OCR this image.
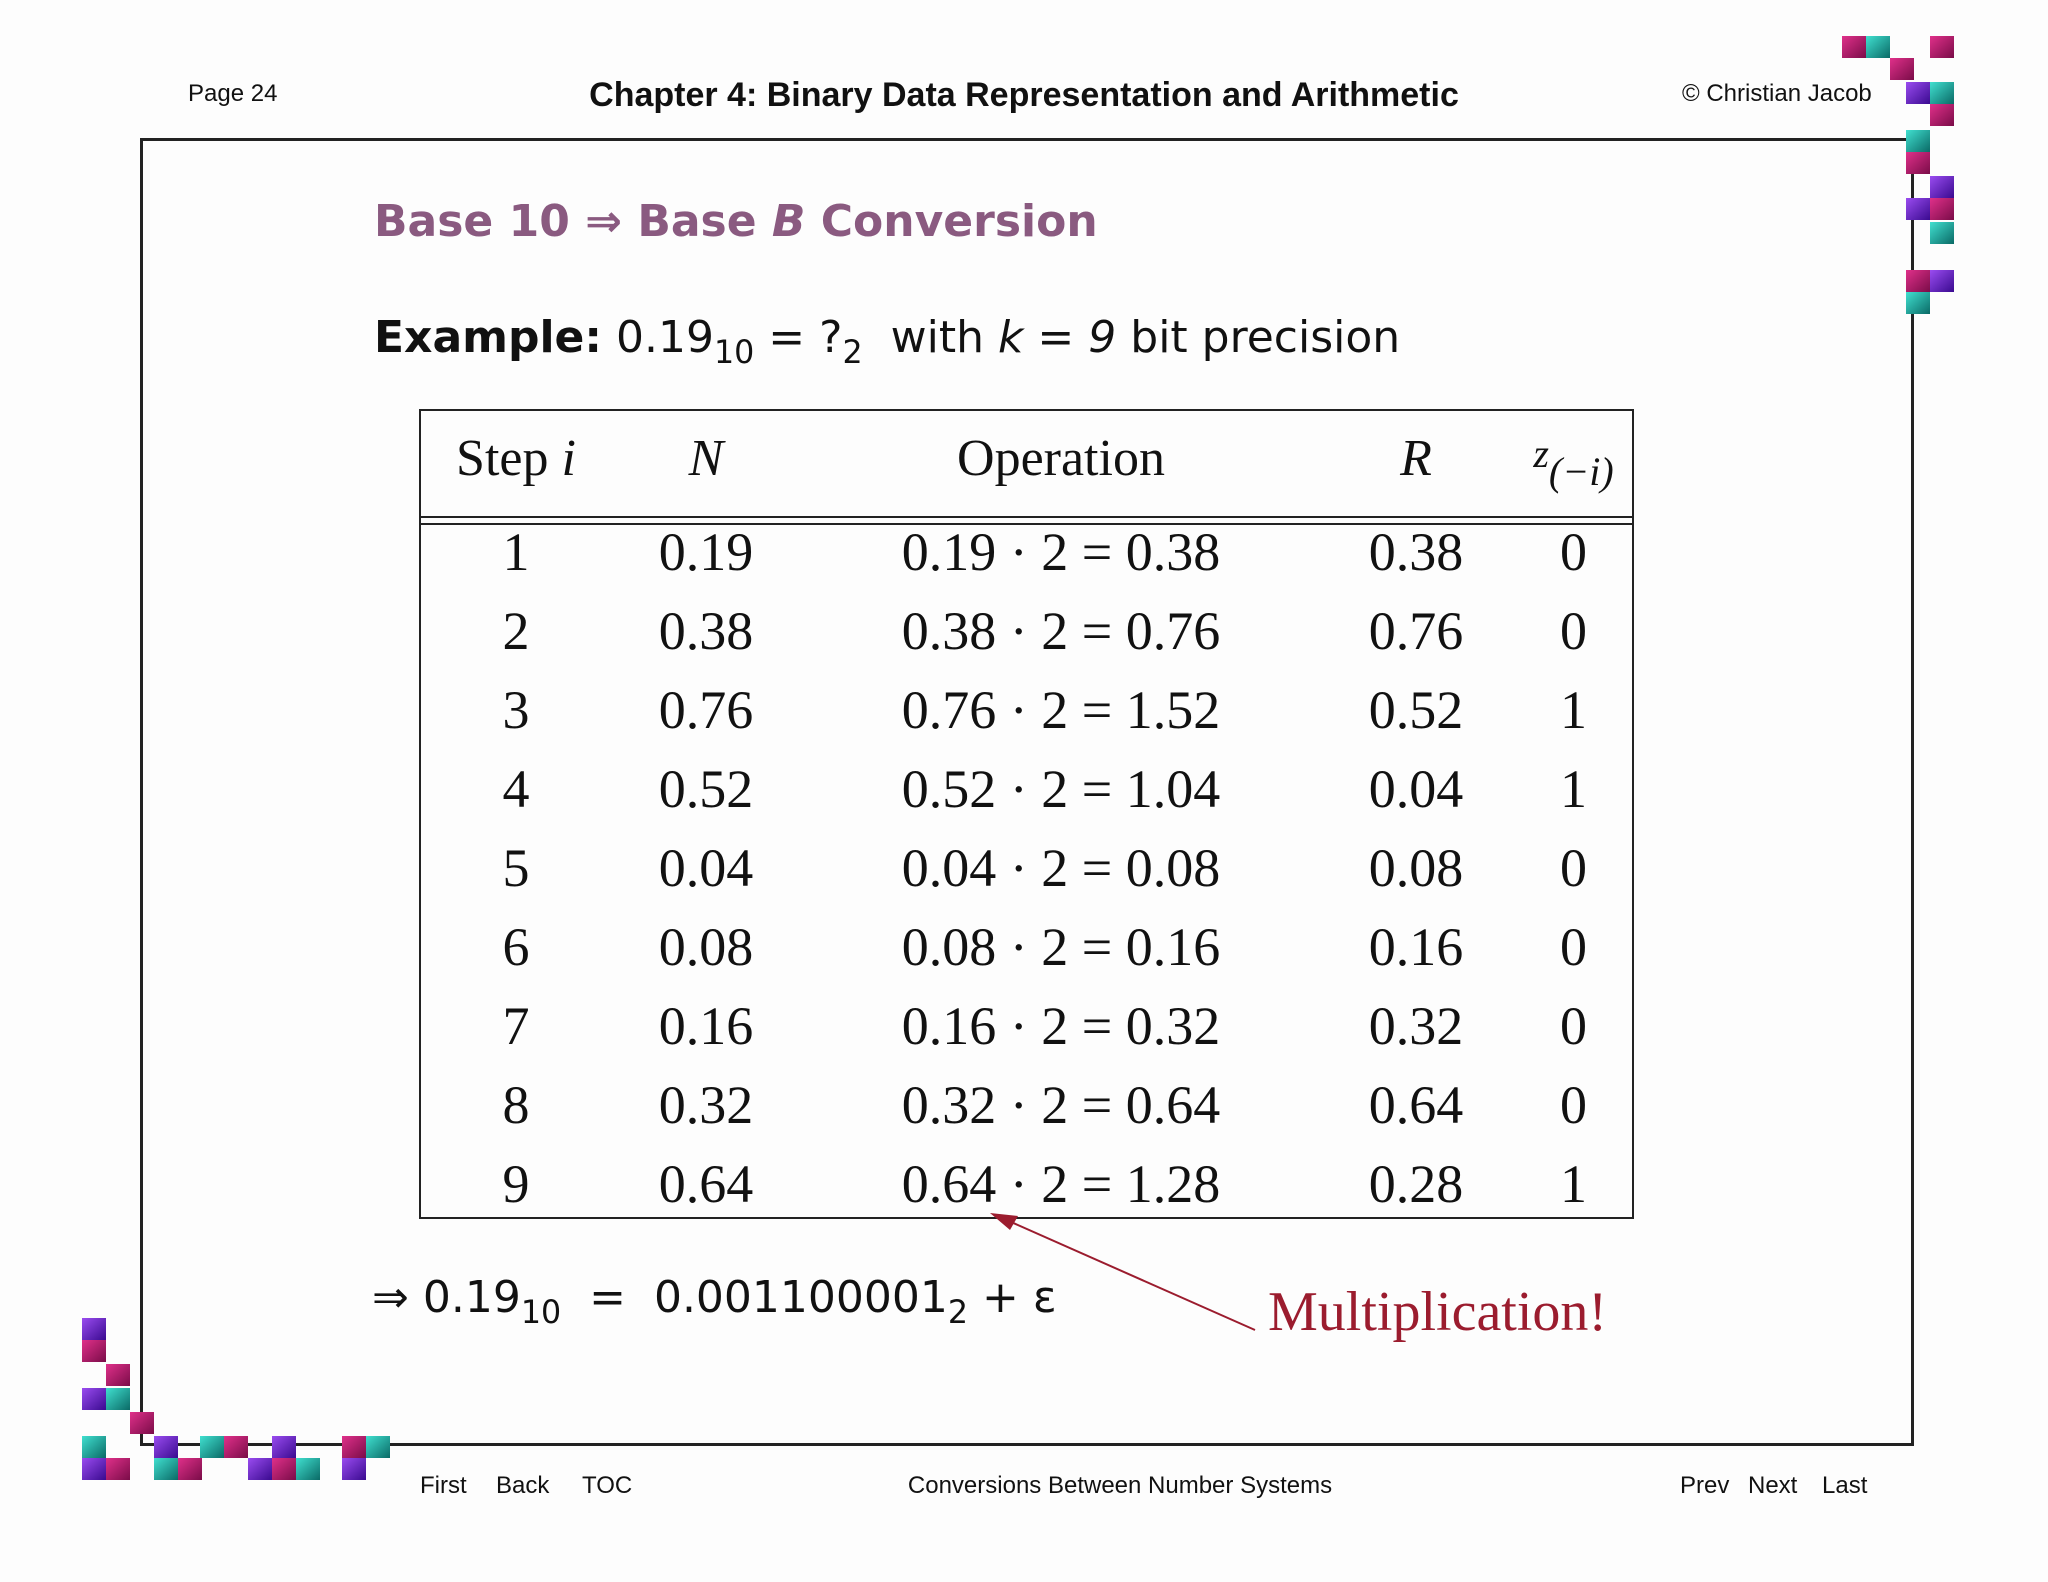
Page 24	Chapter 4: Binary Data Representation and Arithmetic	© Christian Jacob
Base 10 ⇒ Base B Conversion
Example: $0.19_{10}$ = $?_2$  with k = 9 bit precision
Step i	N	Operation	R	z(−i)
1	0.19	0.19 · 2 = 0.38	0.38	0
2	0.38	0.38 · 2 = 0.76	0.76	0
3	0.76	0.76 · 2 = 1.52	0.52	1
4	0.52	0.52 · 2 = 1.04	0.04	1
5	0.04	0.04 · 2 = 0.08	0.08	0
6	0.08	0.08 · 2 = 0.16	0.16	0
7	0.16	0.16 · 2 = 0.32	0.32	0
8	0.32	0.32 · 2 = 0.64	0.64	0
9	0.64	0.64 · 2 = 1.28	0.28	1
⇒ $0.19_{10} = 0.001100001_2 + \varepsilon$	Multiplication!
First Back TOC	Conversions Between Number Systems	Prev Next Last
